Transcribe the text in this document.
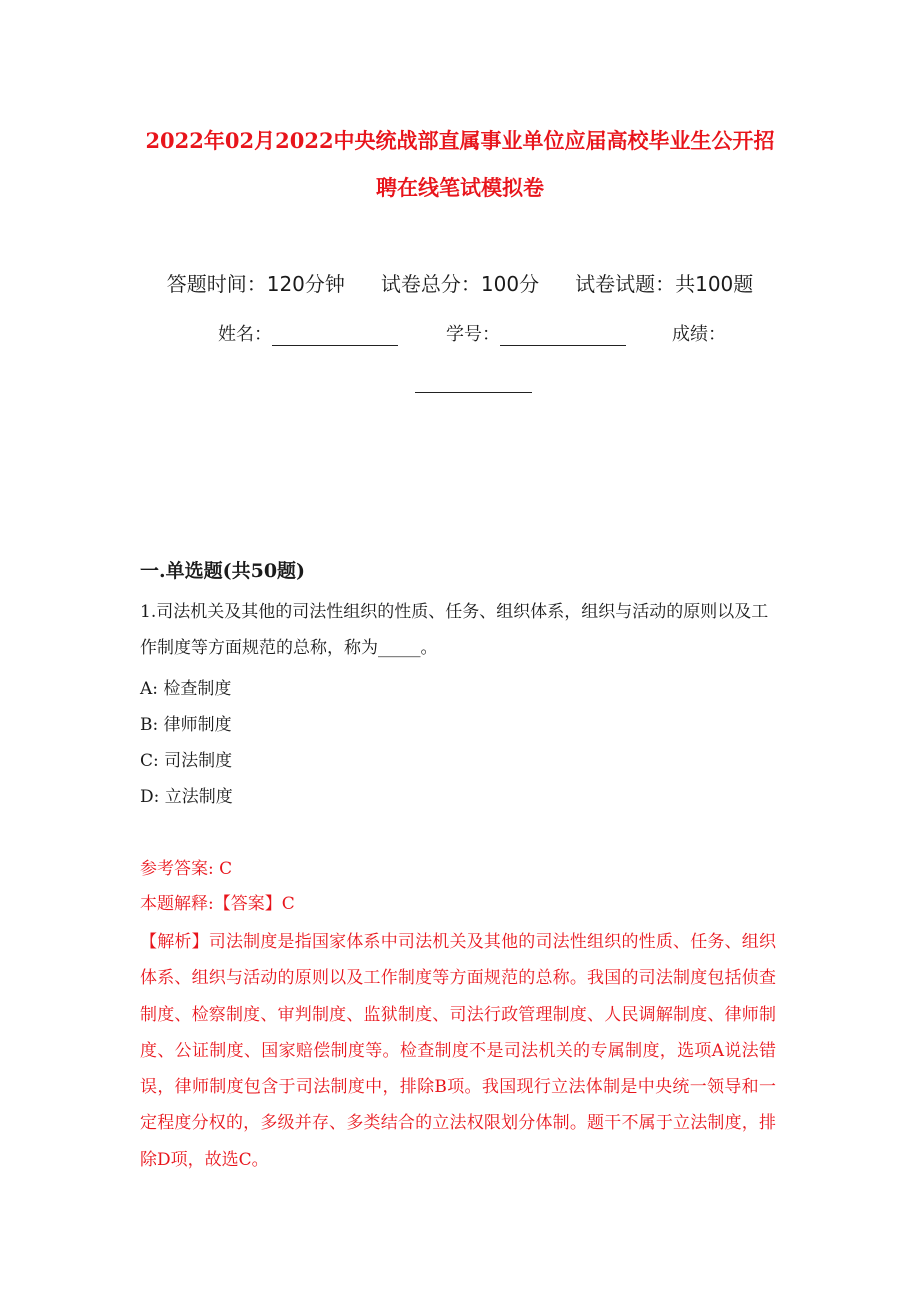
2022年02月2022中央统战部直属事业单位应届高校毕业生公开招
聘在线笔试模拟卷
答题时间：120分钟 试卷总分：100分 试卷试题：共100题
姓名：	学号：	成绩：
一.单选题(共50题)
1.司法机关及其他的司法性组织的性质、任务、组织体系，组织与活动的原则以及工作制度等方面规范的总称，称为_____。
A: 检查制度
B: 律师制度
C: 司法制度
D: 立法制度
参考答案: C
本题解释:【答案】C
【解析】司法制度是指国家体系中司法机关及其他的司法性组织的性质、任务、组织体系、组织与活动的原则以及工作制度等方面规范的总称。我国的司法制度包括侦查制度、检察制度、审判制度、监狱制度、司法行政管理制度、人民调解制度、律师制度、公证制度、国家赔偿制度等。检查制度不是司法机关的专属制度，选项A说法错误，律师制度包含于司法制度中，排除B项。我国现行立法体制是中央统一领导和一定程度分权的，多级并存、多类结合的立法权限划分体制。题干不属于立法制度，排除D项，故选C。
